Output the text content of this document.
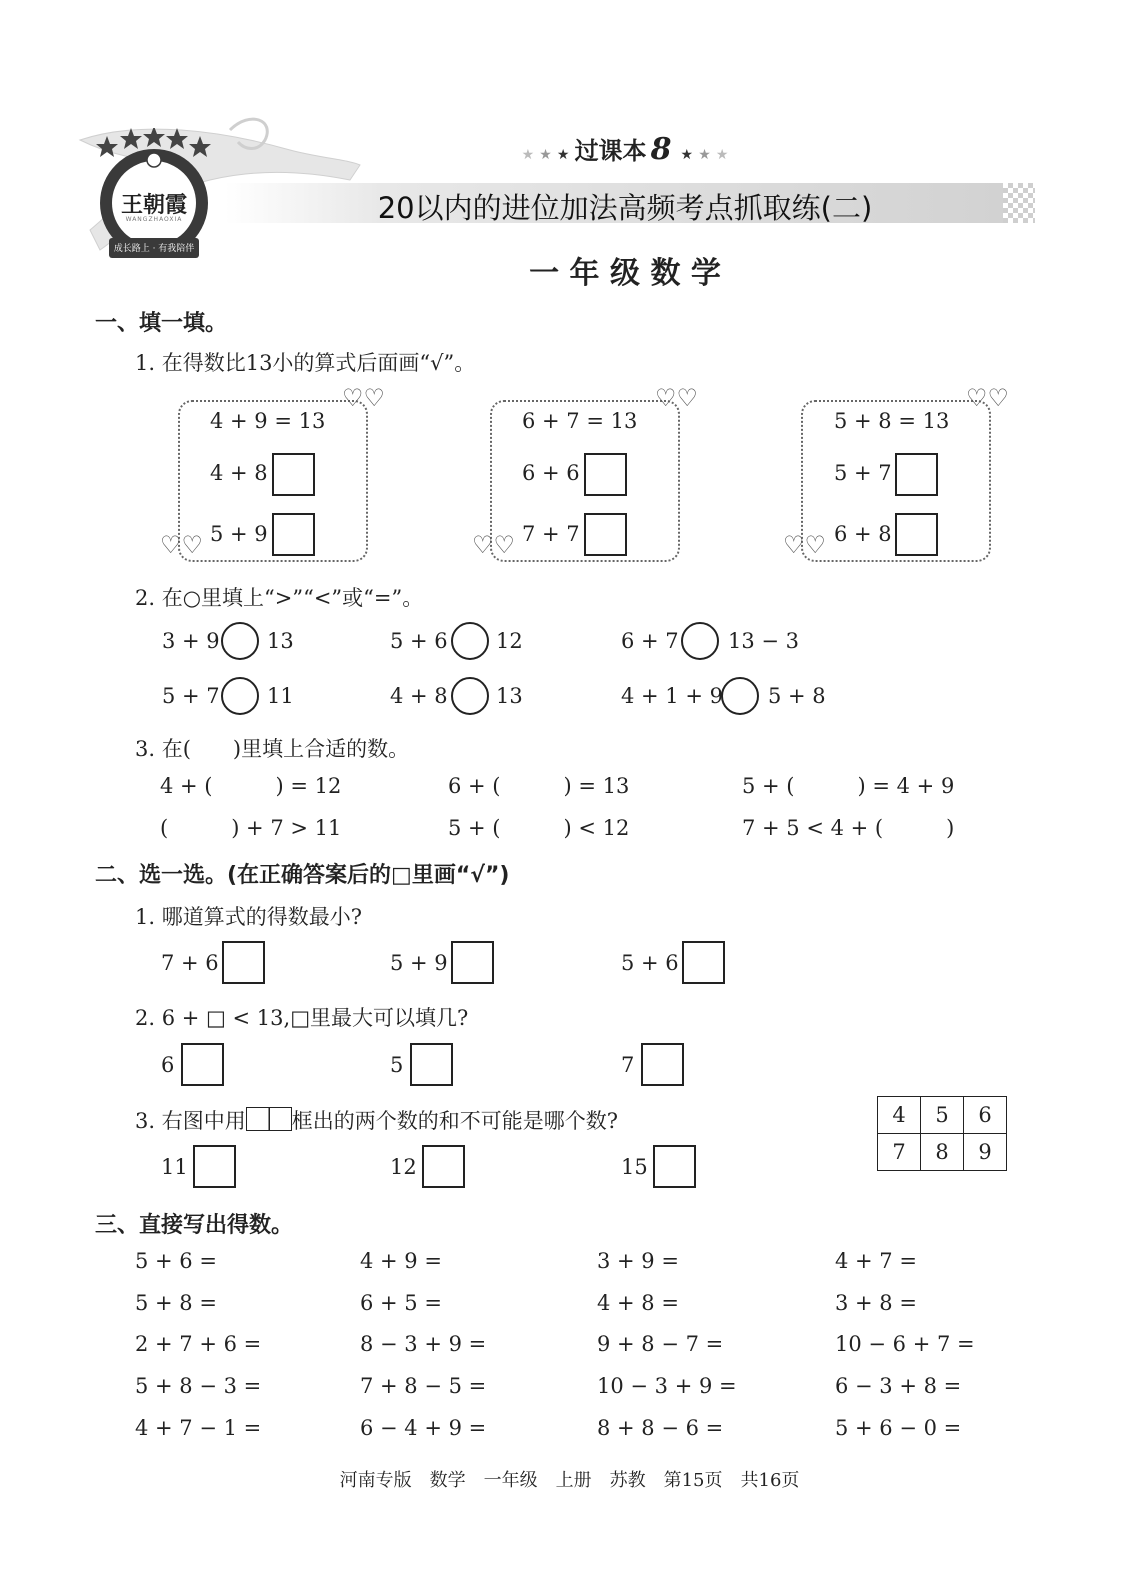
王朝霞
成长路上 · 有我陪伴
WANGZHAOXIA
★ ★ ★ 过课本 8 ★ ★ ★
20以内的进位加法高频考点抓取练(二)
一 年 级 数 学
一、填一填。
1. 在得数比13小的算式后面画“√”。
♡♡
♡♡
♡♡
♡♡
♡♡
♡♡
4 + 9 = 13
4 + 8
5 + 9
6 + 7 = 13
6 + 6
7 + 7
5 + 8 = 13
5 + 7
6 + 8
2. 在○里填上“>”“<”或“=”。
3 + 9 13	5 + 6 12	6 + 7 13 − 3
5 + 7 11	4 + 8 13	4 + 1 + 9 5 + 8
3. 在(　　)里填上合适的数。
4 + (　　　) = 12	6 + (　　　) = 13	5 + (　　　) = 4 + 9
(　　　) + 7 > 11	5 + (　　　) < 12	7 + 5 < 4 + (　　　)
二、选一选。(在正确答案后的□里画“√”)
1. 哪道算式的得数最小?
7 + 6	5 + 9	5 + 6
2. 6 + □ < 13,□里最大可以填几?
6	5	7
3. 右图中用 框出的两个数的和不可能是哪个数?
11	12	15
4	5	6
7	8	9
三、直接写出得数。
5 + 6 =	4 + 9 =	3 + 9 =	4 + 7 =
5 + 8 =	6 + 5 =	4 + 8 =	3 + 8 =
2 + 7 + 6 =	8 − 3 + 9 =	9 + 8 − 7 =	10 − 6 + 7 =
5 + 8 − 3 =	7 + 8 − 5 =	10 − 3 + 9 =	6 − 3 + 8 =
4 + 7 − 1 =	6 − 4 + 9 =	8 + 8 − 6 =	5 + 6 − 0 =
河南专版　数学　一年级　上册　苏教　第15页　共16页
